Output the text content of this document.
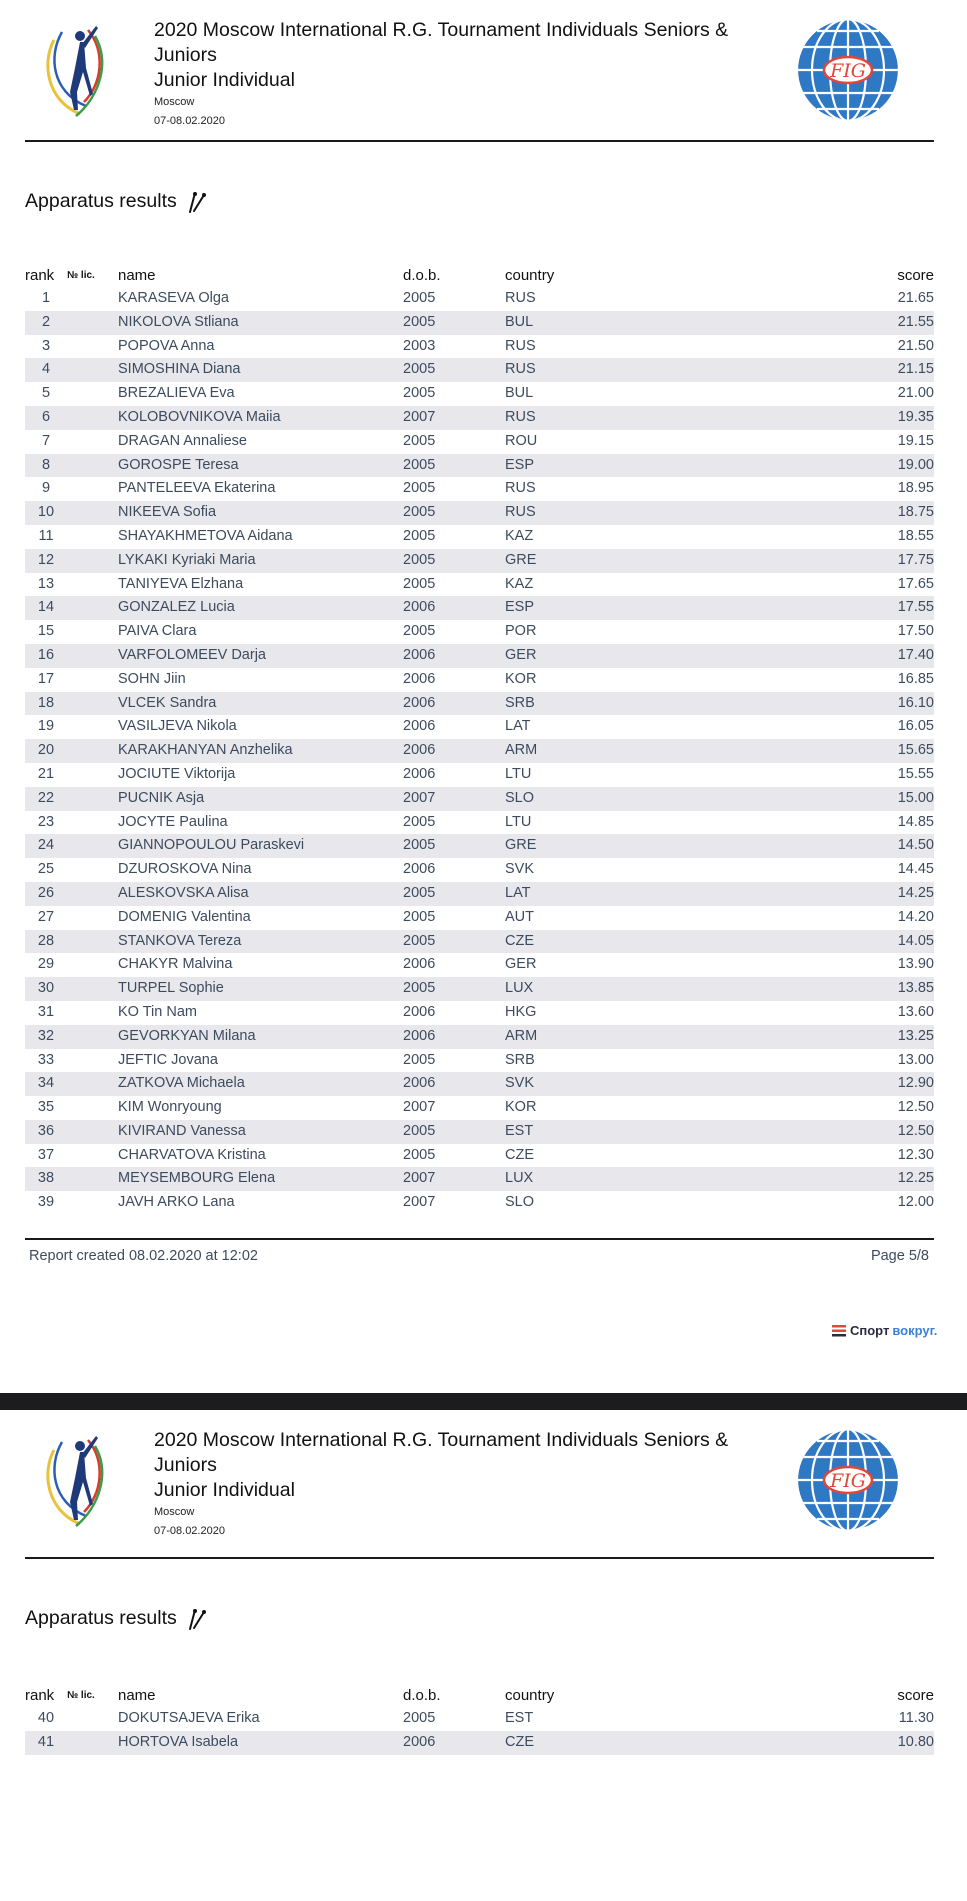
2020 Moscow International R.G. Tournament Individuals Seniors & Juniors
Junior Individual
Moscow
07-08.02.2020
FIG
Apparatus results
rank	№ lic.	name	d.o.b.	country		score
1		KARASEVA Olga	2005	RUS		21.65
2		NIKOLOVA Stliana	2005	BUL		21.55
3		POPOVA Anna	2003	RUS		21.50
4		SIMOSHINA Diana	2005	RUS		21.15
5		BREZALIEVA Eva	2005	BUL		21.00
6		KOLOBOVNIKOVA Maiia	2007	RUS		19.35
7		DRAGAN Annaliese	2005	ROU		19.15
8		GOROSPE Teresa	2005	ESP		19.00
9		PANTELEEVA Ekaterina	2005	RUS		18.95
10		NIKEEVA Sofia	2005	RUS		18.75
11		SHAYAKHMETOVA Aidana	2005	KAZ		18.55
12		LYKAKI Kyriaki Maria	2005	GRE		17.75
13		TANIYEVA Elzhana	2005	KAZ		17.65
14		GONZALEZ Lucia	2006	ESP		17.55
15		PAIVA Clara	2005	POR		17.50
16		VARFOLOMEEV Darja	2006	GER		17.40
17		SOHN Jiin	2006	KOR		16.85
18		VLCEK Sandra	2006	SRB		16.10
19		VASILJEVA Nikola	2006	LAT		16.05
20		KARAKHANYAN Anzhelika	2006	ARM		15.65
21		JOCIUTE Viktorija	2006	LTU		15.55
22		PUCNIK Asja	2007	SLO		15.00
23		JOCYTE Paulina	2005	LTU		14.85
24		GIANNOPOULOU Paraskevi	2005	GRE		14.50
25		DZUROSKOVA Nina	2006	SVK		14.45
26		ALESKOVSKA Alisa	2005	LAT		14.25
27		DOMENIG Valentina	2005	AUT		14.20
28		STANKOVA Tereza	2005	CZE		14.05
29		CHAKYR Malvina	2006	GER		13.90
30		TURPEL Sophie	2005	LUX		13.85
31		KO Tin Nam	2006	HKG		13.60
32		GEVORKYAN Milana	2006	ARM		13.25
33		JEFTIC Jovana	2005	SRB		13.00
34		ZATKOVA Michaela	2006	SVK		12.90
35		KIM Wonryoung	2007	KOR		12.50
36		KIVIRAND Vanessa	2005	EST		12.50
37		CHARVATOVA Kristina	2005	CZE		12.30
38		MEYSEMBOURG Elena	2007	LUX		12.25
39		JAVH ARKO Lana	2007	SLO		12.00
Report created 08.02.2020 at 12:02	Page 5/8
Спорт вокруг.
2020 Moscow International R.G. Tournament Individuals Seniors & Juniors
Junior Individual
Moscow
07-08.02.2020
FIG
Apparatus results
rank	№ lic.	name	d.o.b.	country		score
40		DOKUTSAJEVA Erika	2005	EST		11.30
41		HORTOVA Isabela	2006	CZE		10.80
